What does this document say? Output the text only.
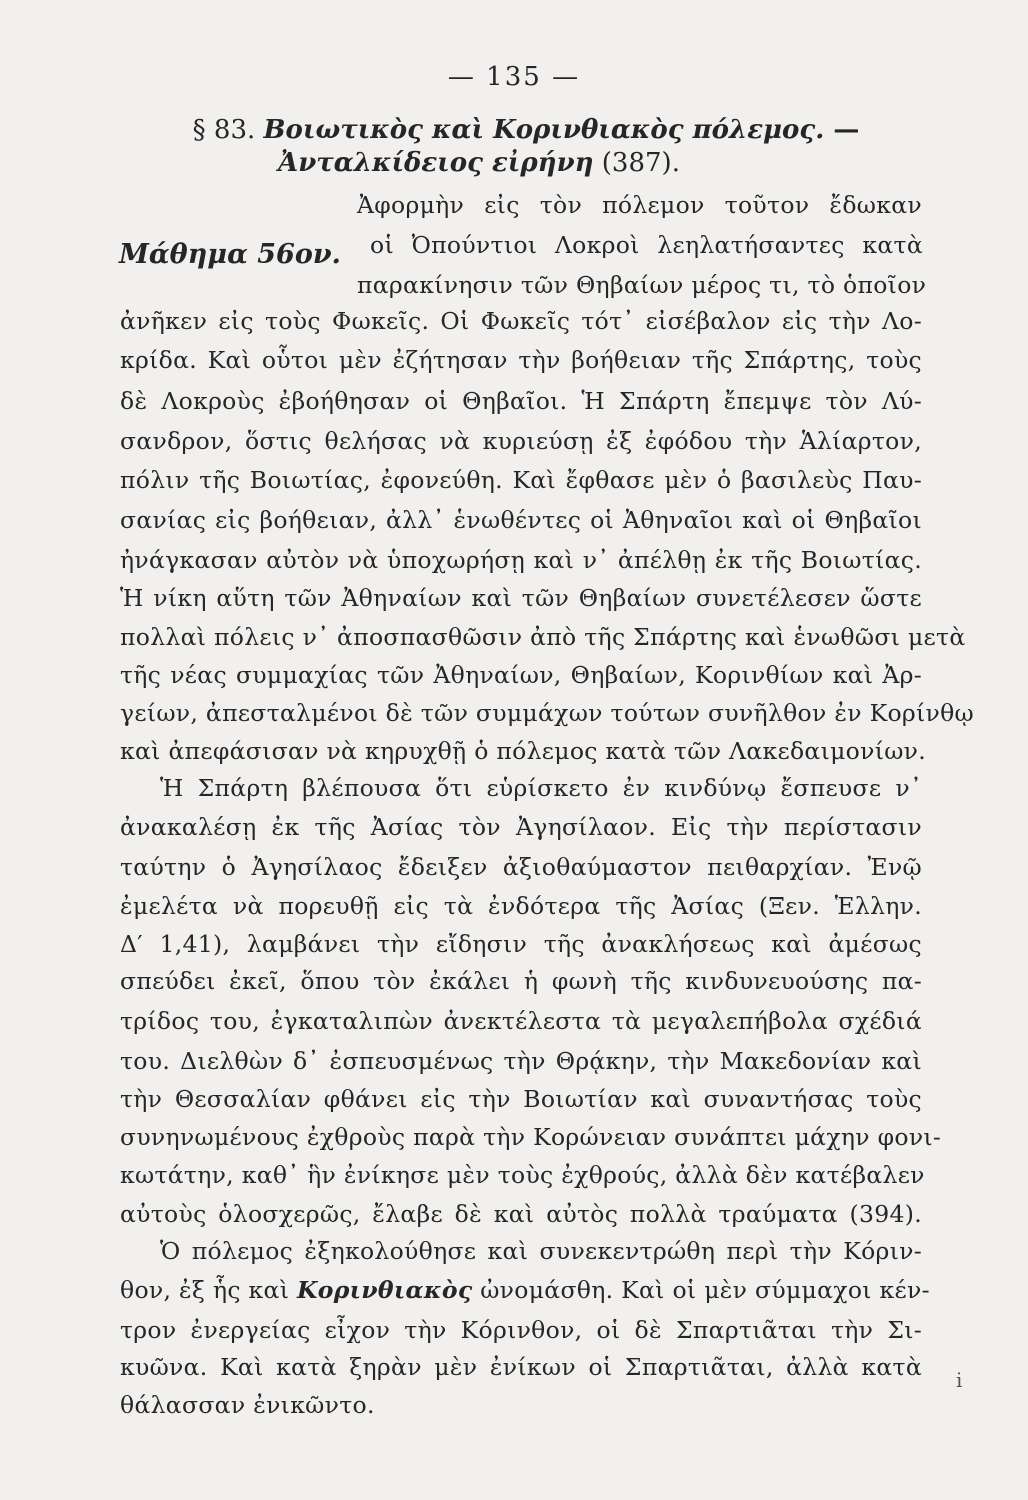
— 135 —
§ 83. Βοιωτικὸς καὶ Κορινθιακὸς πόλεμος. —
Ἀνταλκίδειος εἰρήνη (387).
Μάθημα 56ον.
Ἀφορμὴν εἰς τὸν πόλεμον τοῦτον ἔδωκαν
οἱ Ὀπούντιοι Λοκροὶ λεηλατήσαντες κατὰ
παρακίνησιν τῶν Θηβαίων μέρος τι, τὸ ὁποῖον
ἀνῆκεν εἰς τοὺς Φωκεῖς. Οἱ Φωκεῖς τότ᾽ εἰσέβαλον εἰς τὴν Λο-
κρίδα. Καὶ οὗτοι μὲν ἐζήτησαν τὴν βοήθειαν τῆς Σπάρτης, τοὺς
δὲ Λοκροὺς ἐβοήθησαν οἱ Θηβαῖοι. Ἡ Σπάρτη ἔπεμψε τὸν Λύ-
σανδρον, ὅστις θελήσας νὰ κυριεύσῃ ἐξ ἐφόδου τὴν Ἁλίαρτον,
πόλιν τῆς Βοιωτίας, ἐφονεύθη. Καὶ ἔφθασε μὲν ὁ βασιλεὺς Παυ-
σανίας εἰς βοήθειαν, ἀλλ᾽ ἑνωθέντες οἱ Ἀθηναῖοι καὶ οἱ Θηβαῖοι
ἠνάγκασαν αὐτὸν νὰ ὑποχωρήσῃ καὶ ν᾽ ἀπέλθῃ ἐκ τῆς Βοιωτίας.
Ἡ νίκη αὕτη τῶν Ἀθηναίων καὶ τῶν Θηβαίων συνετέλεσεν ὥστε
πολλαὶ πόλεις ν᾽ ἀποσπασθῶσιν ἀπὸ τῆς Σπάρτης καὶ ἑνωθῶσι μετὰ
τῆς νέας συμμαχίας τῶν Ἀθηναίων, Θηβαίων, Κορινθίων καὶ Ἀρ-
γείων, ἀπεσταλμένοι δὲ τῶν συμμάχων τούτων συνῆλθον ἐν Κορίνθῳ
καὶ ἀπεφάσισαν νὰ κηρυχθῇ ὁ πόλεμος κατὰ τῶν Λακεδαιμονίων.
Ἡ Σπάρτη βλέπουσα ὅτι εὑρίσκετο ἐν κινδύνῳ ἔσπευσε ν᾽
ἀνακαλέσῃ ἐκ τῆς Ἀσίας τὸν Ἀγησίλαον. Εἰς τὴν περίστασιν
ταύτην ὁ Ἀγησίλαος ἔδειξεν ἀξιοθαύμαστον πειθαρχίαν. Ἐνῷ
ἐμελέτα νὰ πορευθῇ εἰς τὰ ἐνδότερα τῆς Ἀσίας (Ξεν. Ἑλλην.
Δ′ 1,41), λαμβάνει τὴν εἴδησιν τῆς ἀνακλήσεως καὶ ἀμέσως
σπεύδει ἐκεῖ, ὅπου τὸν ἐκάλει ἡ φωνὴ τῆς κινδυνευούσης πα-
τρίδος του, ἐγκαταλιπὼν ἀνεκτέλεστα τὰ μεγαλεπήβολα σχέδιά
του. Διελθὼν δ᾽ ἐσπευσμένως τὴν Θρᾴκην, τὴν Μακεδονίαν καὶ
τὴν Θεσσαλίαν φθάνει εἰς τὴν Βοιωτίαν καὶ συναντήσας τοὺς
συνηνωμένους ἐχθροὺς παρὰ τὴν Κορώνειαν συνάπτει μάχην φονι-
κωτάτην, καθ᾽ ἣν ἐνίκησε μὲν τοὺς ἐχθρούς, ἀλλὰ δὲν κατέβαλεν
αὐτοὺς ὁλοσχερῶς, ἔλαβε δὲ καὶ αὐτὸς πολλὰ τραύματα (394).
Ὁ πόλεμος ἐξηκολούθησε καὶ συνεκεντρώθη περὶ τὴν Κόριν-
θον, ἐξ ἧς καὶ Κορινθιακὸς ὠνομάσθη. Καὶ οἱ μὲν σύμμαχοι κέν-
τρον ἐνεργείας εἶχον τὴν Κόρινθον, οἱ δὲ Σπαρτιᾶται τὴν Σι-
κυῶνα. Καὶ κατὰ ξηρὰν μὲν ἐνίκων οἱ Σπαρτιᾶται, ἀλλὰ κατὰ
θάλασσαν ἐνικῶντο.
i
